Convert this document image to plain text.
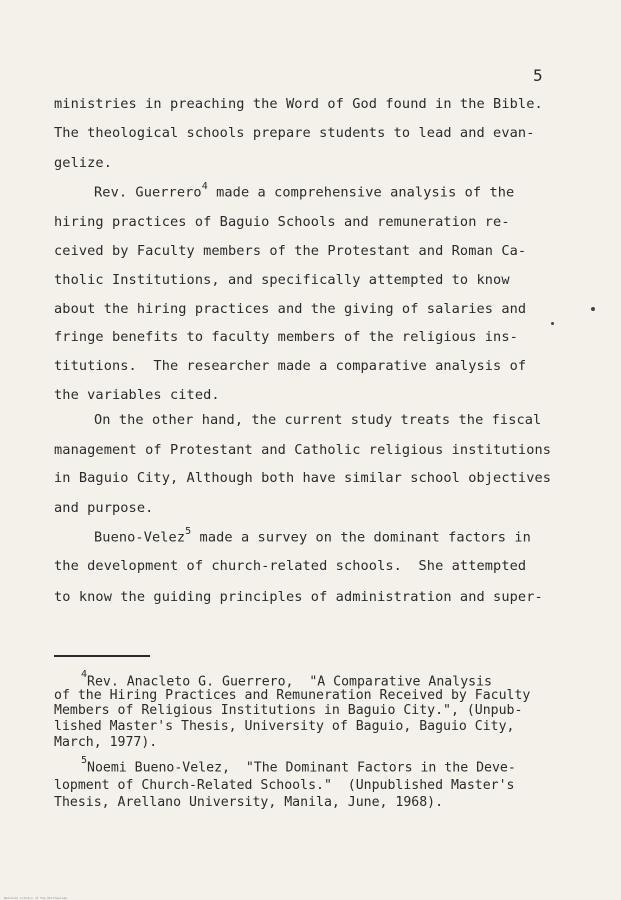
5
ministries in preaching the Word of God found in the Bible.
The theological schools prepare students to lead and evan-
gelize.
Rev. Guerrero$^4$ made a comprehensive analysis of the
hiring practices of Baguio Schools and remuneration re-
ceived by Faculty members of the Protestant and Roman Ca-
tholic Institutions, and specifically attempted to know
about the hiring practices and the giving of salaries and
fringe benefits to faculty members of the religious ins-
titutions.  The researcher made a comparative analysis of
the variables cited.
On the other hand, the current study treats the fiscal
management of Protestant and Catholic religious institutions
in Baguio City, Although both have similar school objectives
and purpose.
Bueno-Velez$^5$ made a survey on the dominant factors in
the development of church-related schools.  She attempted
to know the guiding principles of administration and super-
$^4$Rev. Anacleto G. Guerrero,  "A Comparative Analysis
of the Hiring Practices and Remuneration Received by Faculty
Members of Religious Institutions in Baguio City.", (Unpub-
lished Master's Thesis, University of Baguio, Baguio City,
March, 1977).
$^5$Noemi Bueno-Velez,  "The Dominant Factors in the Deve-
lopment of Church-Related Schools."  (Unpublished Master's
Thesis, Arellano University, Manila, June, 1968).
National Library of the Philippines
